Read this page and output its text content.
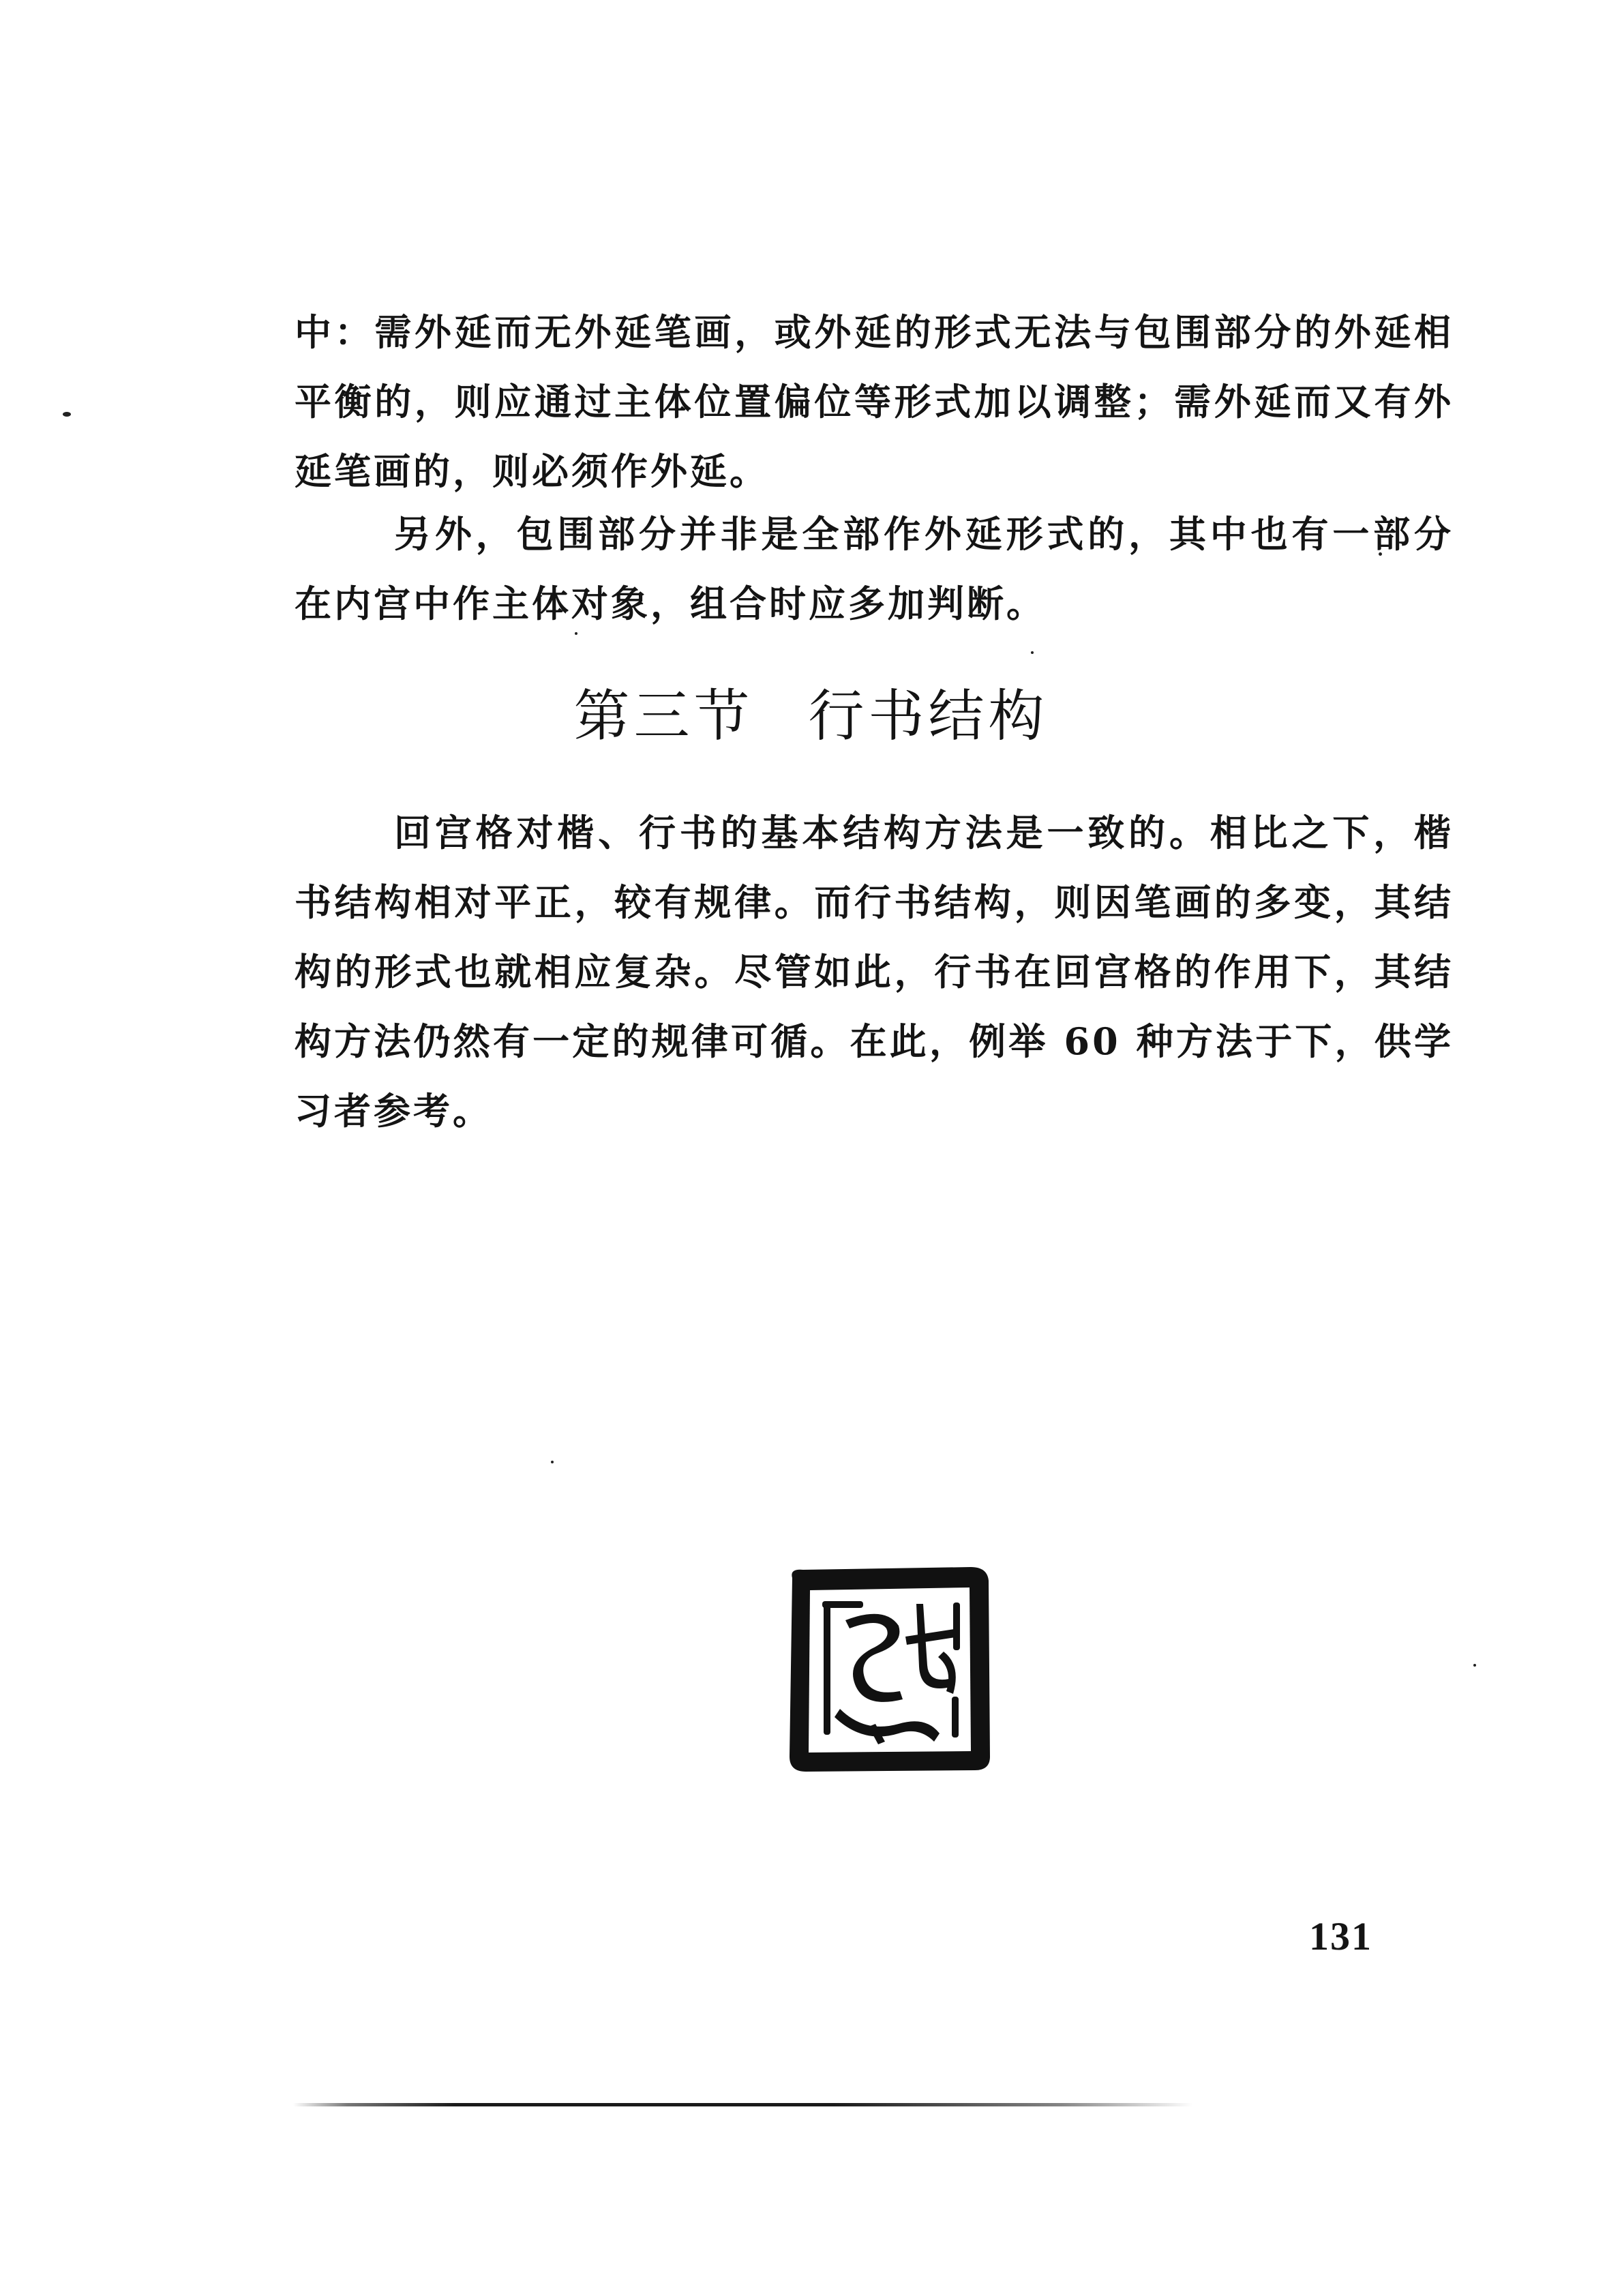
中：需外延而无外延笔画，或外延的形式无法与包围部分的外延相平衡的，则应通过主体位置偏位等形式加以调整；需外延而又有外延笔画的，则必须作外延。

另外，包围部分并非是全部作外延形式的，其中也有一部分在内宫中作主体对象，组合时应多加判断。

第三节 行书结构

回宫格对楷、行书的基本结构方法是一致的。相比之下，楷书结构相对平正，较有规律。而行书结构，则因笔画的多变，其结构的形式也就相应复杂。尽管如此，行书在回宫格的作用下，其结构方法仍然有一定的规律可循。在此，例举 60 种方法于下，供学习者参考。

131
